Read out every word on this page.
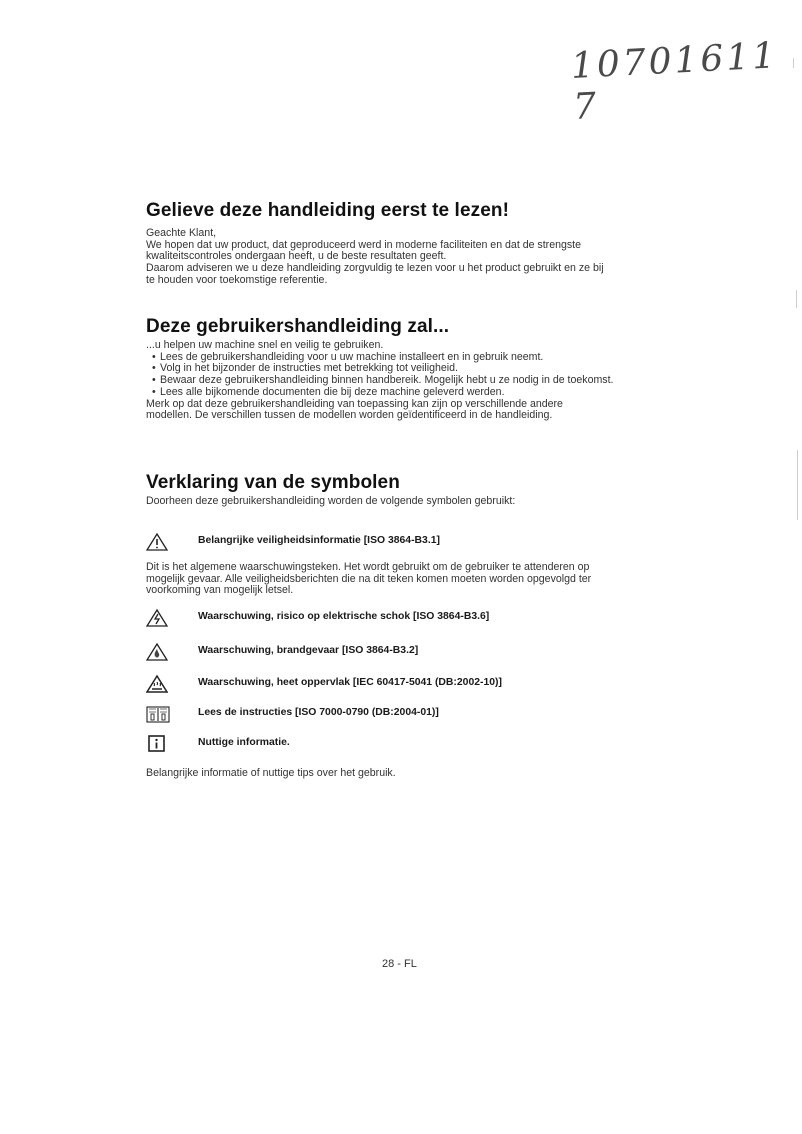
10701611 7
Gelieve deze handleiding eerst te lezen!

Geachte Klant,

We hopen dat uw product, dat geproduceerd werd in moderne faciliteiten en dat de strengste

kwaliteitscontroles ondergaan heeft, u de beste resultaten geeft.

Daarom adviseren we u deze handleiding zorgvuldig te lezen voor u het product gebruikt en ze bij

te houden voor toekomstige referentie.

Deze gebruikershandleiding zal...

...u helpen uw machine snel en veilig te gebruiken.

• Lees de gebruikershandleiding voor u uw machine installeert en in gebruik neemt.
• Volg in het bijzonder de instructies met betrekking tot veiligheid.
• Bewaar deze gebruikershandleiding binnen handbereik. Mogelijk hebt u ze nodig in de toekomst.
• Lees alle bijkomende documenten die bij deze machine geleverd werden.

Merk op dat deze gebruikershandleiding van toepassing kan zijn op verschillende andere

modellen. De verschillen tussen de modellen worden geïdentificeerd in de handleiding.

Verklaring van de symbolen

Doorheen deze gebruikershandleiding worden de volgende symbolen gebruikt:

Belangrijke veiligheidsinformatie [ISO 3864-B3.1]

Dit is het algemene waarschuwingsteken. Het wordt gebruikt om de gebruiker te attenderen op

mogelijk gevaar. Alle veiligheidsberichten die na dit teken komen moeten worden opgevolgd ter

voorkoming van mogelijk letsel.

Waarschuwing, risico op elektrische schok [ISO 3864-B3.6]
Waarschuwing, brandgevaar [ISO 3864-B3.2]
Waarschuwing, heet oppervlak [IEC 60417-5041 (DB:2002-10)]
Lees de instructies [ISO 7000-0790 (DB:2004-01)]
Nuttige informatie.

Belangrijke informatie of nuttige tips over het gebruik.

28 - FL
